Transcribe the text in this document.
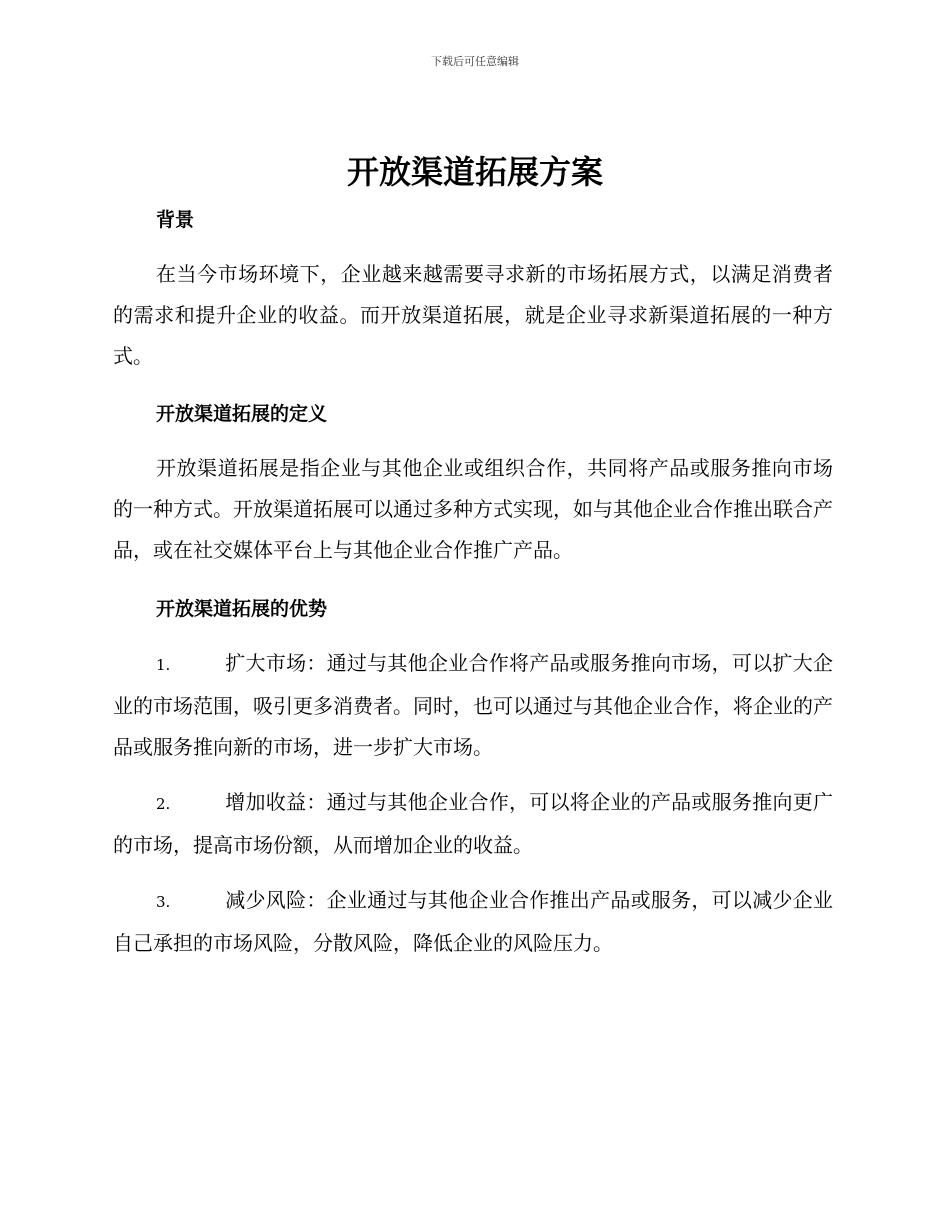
下载后可任意编辑
开放渠道拓展方案
背景

在当今市场环境下，企业越来越需要寻求新的市场拓展方式，以满足消费者的需求和提升企业的收益。而开放渠道拓展，就是企业寻求新渠道拓展的一种方式。

开放渠道拓展的定义

开放渠道拓展是指企业与其他企业或组织合作，共同将产品或服务推向市场的一种方式。开放渠道拓展可以通过多种方式实现，如与其他企业合作推出联合产品，或在社交媒体平台上与其他企业合作推广产品。

开放渠道拓展的优势

1.	扩大市场：通过与其他企业合作将产品或服务推向市场，可以扩大企业的市场范围，吸引更多消费者。同时，也可以通过与其他企业合作，将企业的产品或服务推向新的市场，进一步扩大市场。

2.	增加收益：通过与其他企业合作，可以将企业的产品或服务推向更广的市场，提高市场份额，从而增加企业的收益。

3.	减少风险：企业通过与其他企业合作推出产品或服务，可以减少企业自己承担的市场风险，分散风险，降低企业的风险压力。
